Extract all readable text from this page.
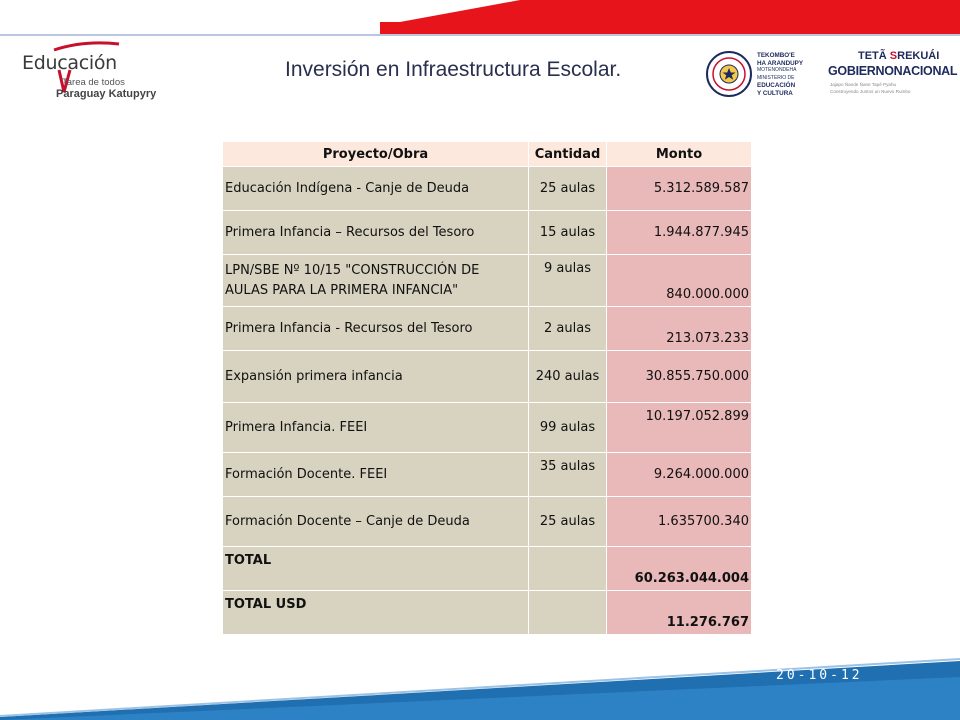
Educación
Tarea de todos
Paraguay Katupyry
Inversión en Infraestructura Escolar.
TEKOMBO'E
HA ARANDUPY
MOTENONDEHA
MINISTERIO DE
EDUCACIÓN
Y CULTURA
TETÃ SREKUÁI
GOBIERNONACIONAL
Jajapo Ñande Ñane Tapé Pyahu
Construyendo Juntos un Nuevo Rumbo
Proyecto/Obra	Cantidad	Monto
Educación Indígena - Canje de Deuda	25 aulas	5.312.589.587
Primera Infancia – Recursos del Tesoro	15 aulas	1.944.877.945
LPN/SBE Nº 10/15 "CONSTRUCCIÓN DE AULAS PARA LA PRIMERA INFANCIA"	9 aulas	840.000.000
Primera Infancia - Recursos del Tesoro	2 aulas	213.073.233
Expansión primera infancia	240 aulas	30.855.750.000
Primera Infancia. FEEI	99 aulas	10.197.052.899
Formación Docente. FEEI	35 aulas	9.264.000.000
Formación Docente – Canje de Deuda	25 aulas	1.635700.340
TOTAL		60.263.044.004
TOTAL USD		11.276.767
20-10-12
